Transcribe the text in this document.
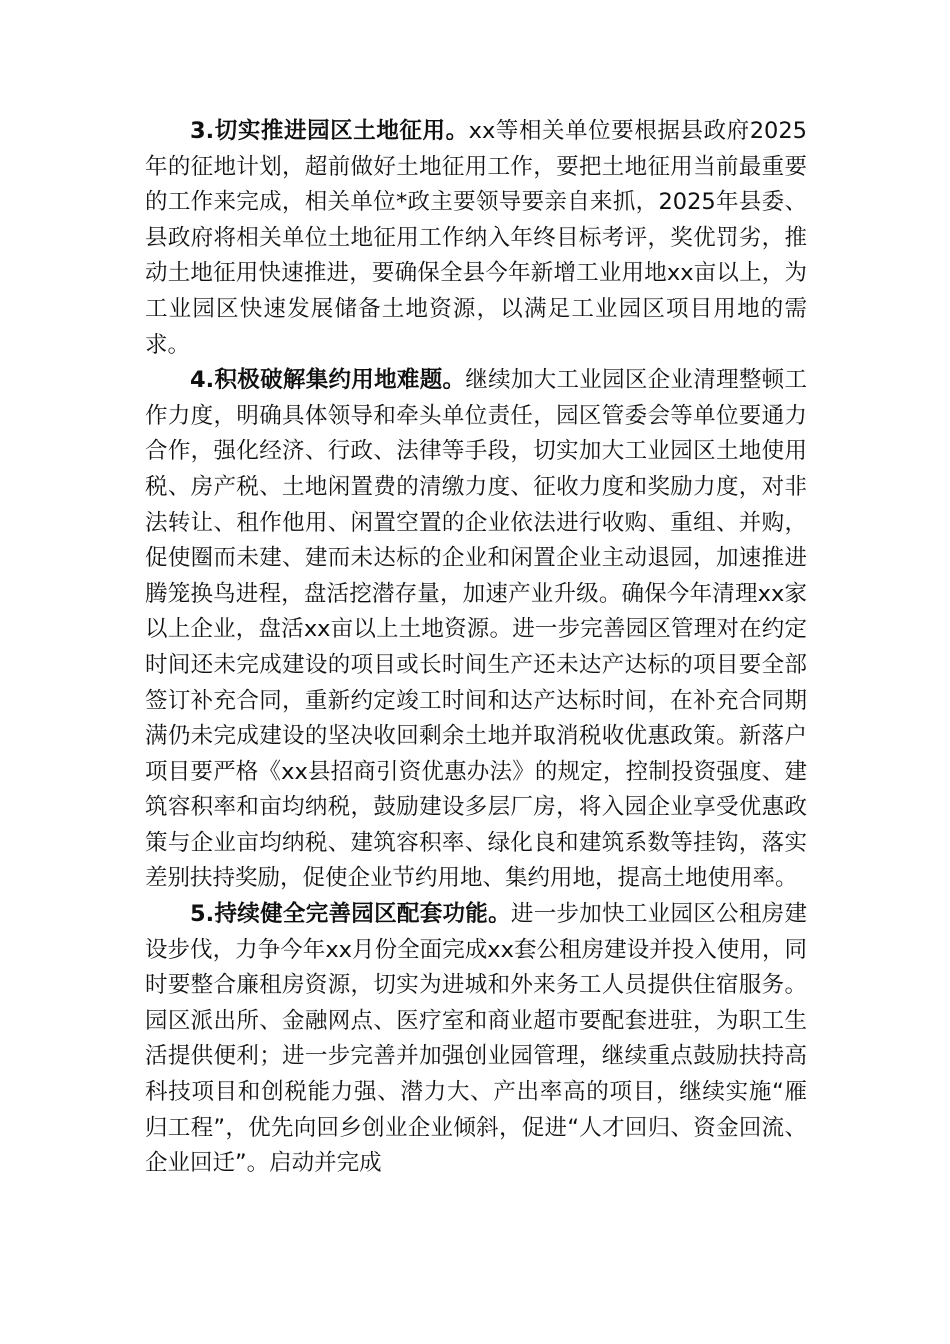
3.切实推进园区土地征用。xx等相关单位要根据县政府2025年的征地计划，超前做好土地征用工作，要把土地征用当前最重要的工作来完成，相关单位*政主要领导要亲自来抓，2025年县委、县政府将相关单位土地征用工作纳入年终目标考评，奖优罚劣，推动土地征用快速推进，要确保全县今年新增工业用地xx亩以上，为工业园区快速发展储备土地资源，以满足工业园区项目用地的需求。

4.积极破解集约用地难题。继续加大工业园区企业清理整顿工作力度，明确具体领导和牵头单位责任，园区管委会等单位要通力合作，强化经济、行政、法律等手段，切实加大工业园区土地使用税、房产税、土地闲置费的清缴力度、征收力度和奖励力度，对非法转让、租作他用、闲置空置的企业依法进行收购、重组、并购，促使圈而未建、建而未达标的企业和闲置企业主动退园，加速推进腾笼换鸟进程，盘活挖潜存量，加速产业升级。确保今年清理xx家以上企业，盘活xx亩以上土地资源。进一步完善园区管理对在约定时间还未完成建设的项目或长时间生产还未达产达标的项目要全部签订补充合同，重新约定竣工时间和达产达标时间，在补充合同期满仍未完成建设的坚决收回剩余土地并取消税收优惠政策。新落户项目要严格《xx县招商引资优惠办法》的规定，控制投资强度、建筑容积率和亩均纳税，鼓励建设多层厂房，将入园企业享受优惠政策与企业亩均纳税、建筑容积率、绿化良和建筑系数等挂钩，落实差别扶持奖励，促使企业节约用地、集约用地，提高土地使用率。

5.持续健全完善园区配套功能。进一步加快工业园区公租房建设步伐，力争今年xx月份全面完成xx套公租房建设并投入使用，同时要整合廉租房资源，切实为进城和外来务工人员提供住宿服务。园区派出所、金融网点、医疗室和商业超市要配套进驻，为职工生活提供便利；进一步完善并加强创业园管理，继续重点鼓励扶持高科技项目和创税能力强、潜力大、产出率高的项目，继续实施“雁归工程”，优先向回乡创业企业倾斜，促进“人才回归、资金回流、企业回迁”。启动并完成
